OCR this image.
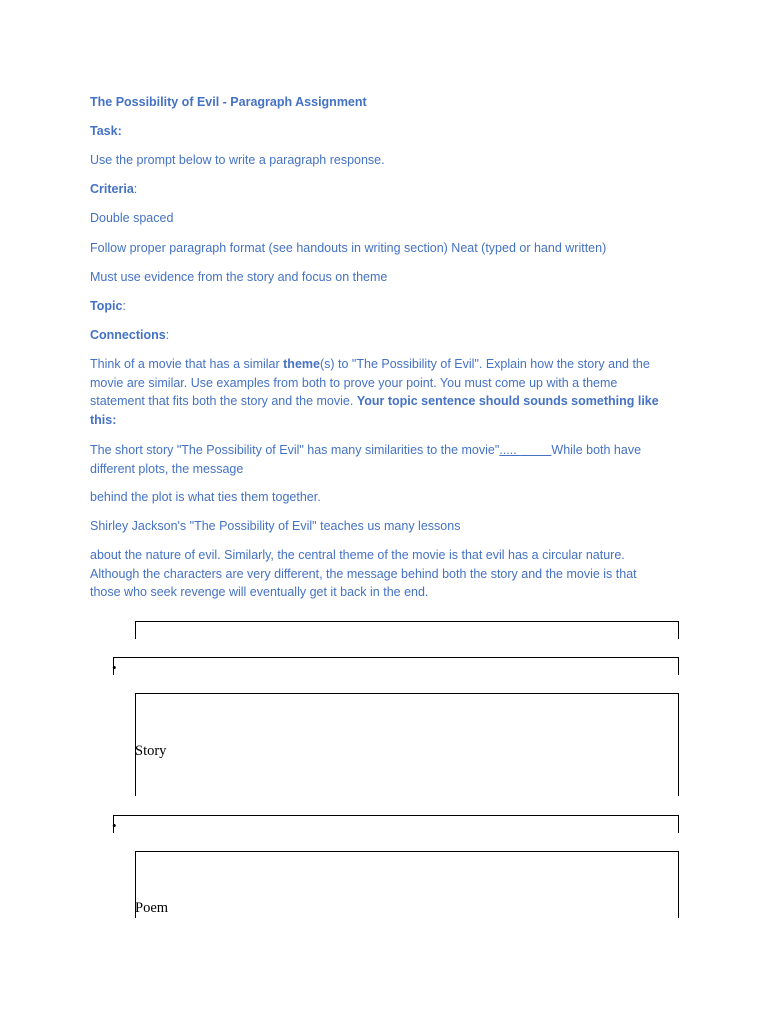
The Possibility of Evil - Paragraph Assignment

Task:

Use the prompt below to write a paragraph response.

Criteria:

Double spaced

Follow proper paragraph format (see handouts in writing section) Neat (typed or hand written)

Must use evidence from the story and focus on theme

Topic:

Connections:

Think of a movie that has a similar theme(s) to "The Possibility of Evil". Explain how the story and the movie are similar. Use examples from both to prove your point. You must come up with a theme statement that fits both the story and the movie. Your topic sentence should sounds something like this:

The short story "The Possibility of Evil" has many similarities to the movie".....	While both have different plots, the message

behind the plot is what ties them together.

Shirley Jackson's "The Possibility of Evil" teaches us many lessons

about the nature of evil. Similarly, the central theme of the movie is that evil has a circular nature. Although the characters are very different, the message behind both the story and the movie is that those who seek revenge will eventually get it back in the end.

•
Story
•
Poem
